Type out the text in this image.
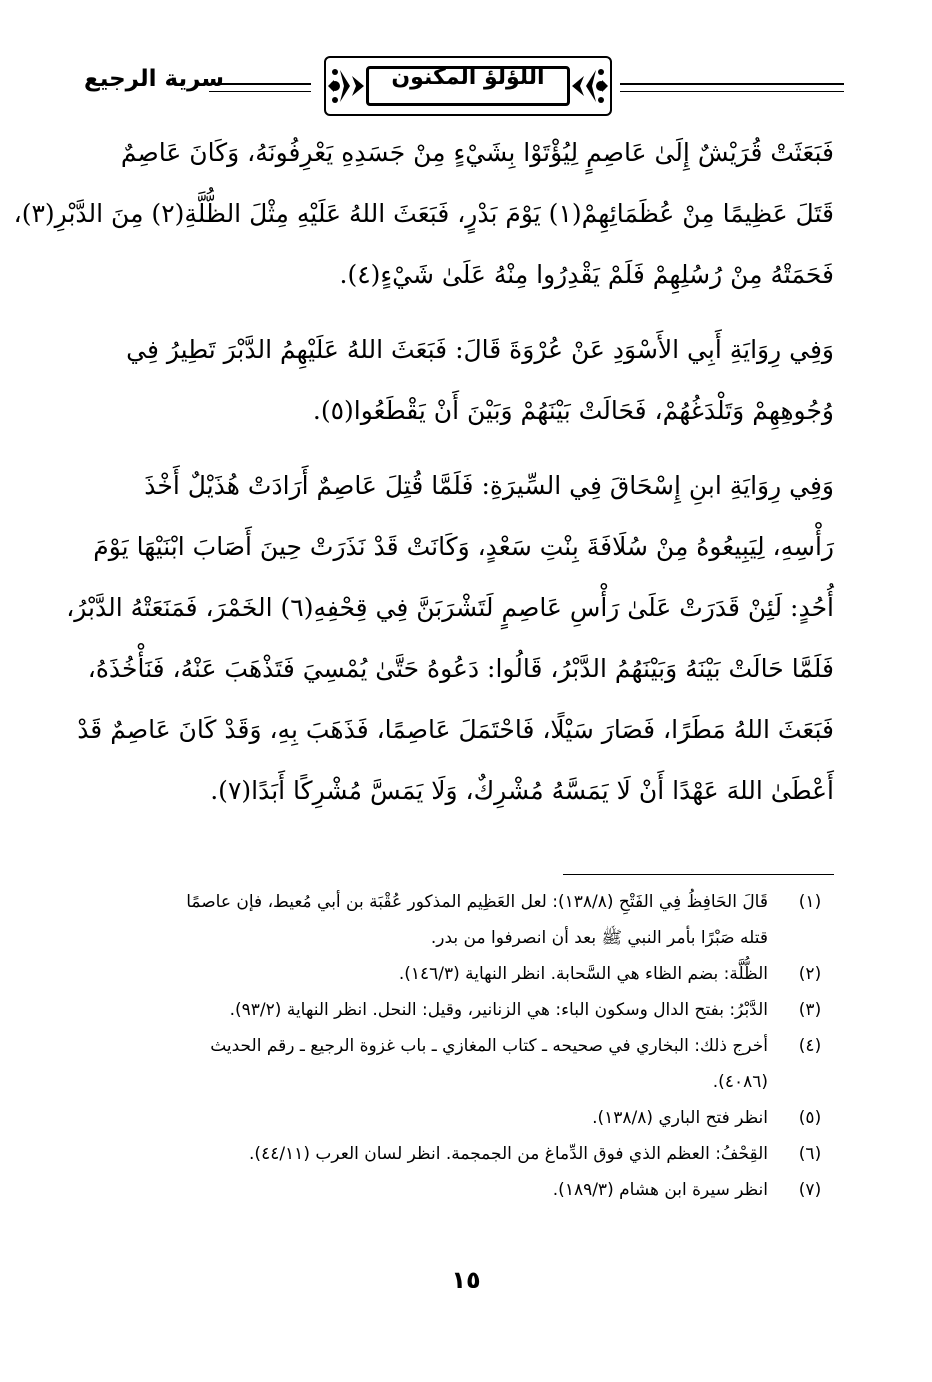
سرية الرجيع	اللؤلؤ المكنون
فَبَعَثَتْ قُرَيْشٌ إِلَىٰ عَاصِمٍ لِيُؤْتَوْا بِشَيْءٍ مِنْ جَسَدِهِ يَعْرِفُونَهُ، وَكَانَ عَاصِمٌ
قَتَلَ عَظِيمًا مِنْ عُظَمَائِهِمْ(١) يَوْمَ بَدْرٍ، فَبَعَثَ اللهُ عَلَيْهِ مِثْلَ الظُّلَّةِ(٢) مِنَ الدَّبْرِ(٣)،
فَحَمَتْهُ مِنْ رُسُلِهِمْ فَلَمْ يَقْدِرُوا مِنْهُ عَلَىٰ شَيْءٍ(٤).
وَفِي رِوَايَةِ أَبِي الأَسْوَدِ عَنْ عُرْوَةَ قَالَ: فَبَعَثَ اللهُ عَلَيْهِمُ الدَّبْرَ تَطِيرُ فِي
وُجُوهِهِمْ وَتَلْدَغُهُمْ، فَحَالَتْ بَيْنَهُمْ وَبَيْنَ أَنْ يَقْطَعُوا(٥).
وَفِي رِوَايَةِ ابنِ إِسْحَاقَ فِي السِّيرَةِ: فَلَمَّا قُتِلَ عَاصِمٌ أَرَادَتْ هُذَيْلٌ أَخْذَ
رَأْسِهِ، لِيَبِيعُوهُ مِنْ سُلَافَةَ بِنْتِ سَعْدٍ، وَكَانَتْ قَدْ نَذَرَتْ حِينَ أَصَابَ ابْنَيْهَا يَوْمَ
أُحُدٍ: لَئِنْ قَدَرَتْ عَلَىٰ رَأْسِ عَاصِمٍ لَتَشْرَبَنَّ فِي قِحْفِهِ(٦) الخَمْرَ، فَمَنَعَتْهُ الدَّبْرُ،
فَلَمَّا حَالَتْ بَيْنَهُ وَبَيْنَهُمُ الدَّبْرُ، قَالُوا: دَعُوهُ حَتَّىٰ يُمْسِيَ فَتَذْهَبَ عَنْهُ، فَنَأْخُذَهُ،
فَبَعَثَ اللهُ مَطَرًا، فَصَارَ سَيْلًا، فَاحْتَمَلَ عَاصِمًا، فَذَهَبَ بِهِ، وَقَدْ كَانَ عَاصِمٌ قَدْ
أَعْطَىٰ اللهَ عَهْدًا أَنْ لَا يَمَسَّهُ مُشْرِكٌ، وَلَا يَمَسَّ مُشْرِكًا أَبَدًا(٧).
(١)
قَالَ الحَافِظُ فِي الفَتْحِ (١٣٨/٨): لعل العَظِيم المذكور عُقْبَة بن أبي مُعيط، فإن عاصمًا
قتله صَبْرًا بأمر النبي ﷺ بعد أن انصرفوا من بدر.
(٢)
الظُّلَّة: بضم الظاء هي السَّحابة. انظر النهاية (١٤٦/٣).
(٣)
الدَّبْرُ: بفتح الدال وسكون الباء: هي الزنانير، وقيل: النحل. انظر النهاية (٩٣/٢).
(٤)
أخرج ذلك: البخاري في صحيحه ـ كتاب المغازي ـ باب غزوة الرجيع ـ رقم الحديث
(٤٠٨٦).
(٥)
انظر فتح الباري (١٣٨/٨).
(٦)
القِحْفُ: العظم الذي فوق الدِّماغ من الجمجمة. انظر لسان العرب (٤٤/١١).
(٧)
انظر سيرة ابن هشام (١٨٩/٣).
١٥
